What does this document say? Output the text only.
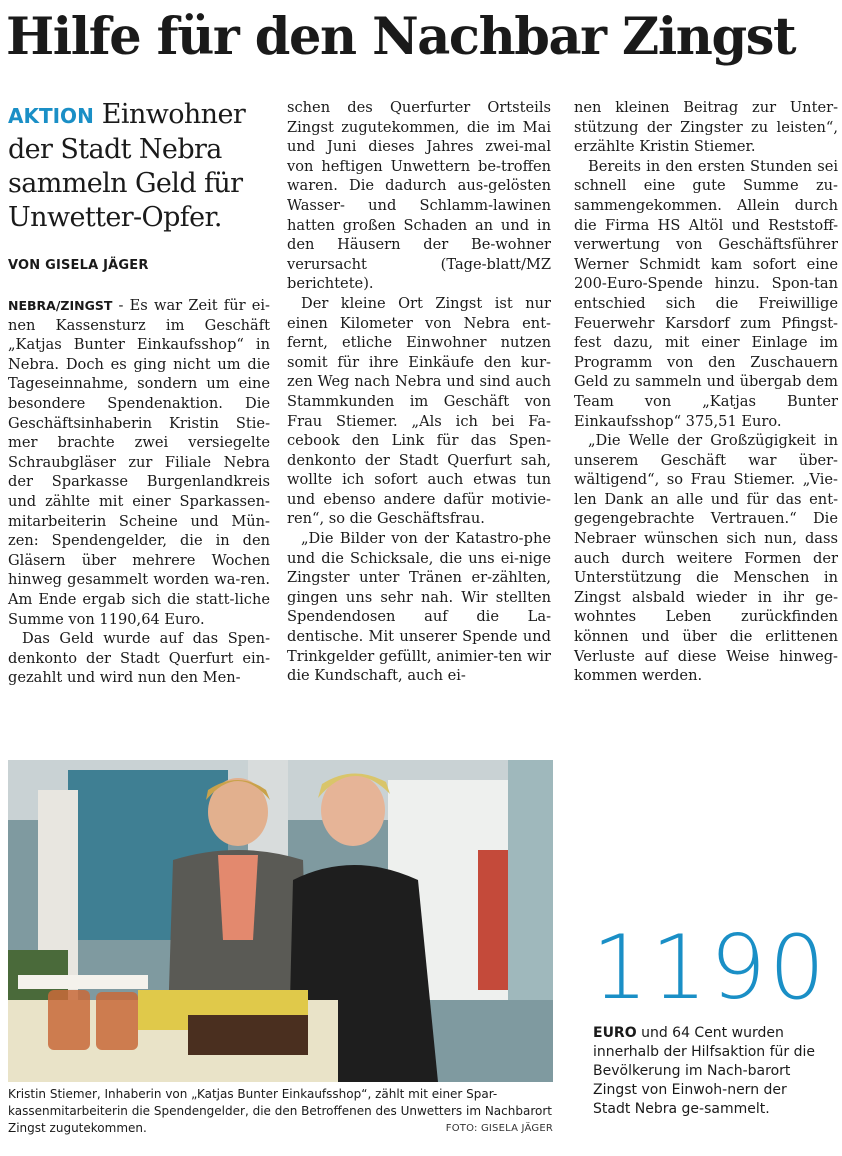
Hilfe für den Nachbar Zingst
AKTION Einwohner der Stadt Nebra sammeln Geld für Unwetter-Opfer.
VON GISELA JÄGER

NEBRA/ZINGST - Es war Zeit für ei-nen Kassensturz im Geschäft „Katjas Bunter Einkaufsshop“ in Nebra. Doch es ging nicht um die Tageseinnahme, sondern um eine besondere Spendenaktion. Die Geschäftsinhaberin Kristin Stie-mer brachte zwei versiegelte Schraubgläser zur Filiale Nebra der Sparkasse Burgenlandkreis und zählte mit einer Sparkassen-mitarbeiterin Scheine und Mün-zen: Spendengelder, die in den Gläsern über mehrere Wochen hinweg gesammelt worden wa-ren. Am Ende ergab sich die statt-liche Summe von 1190,64 Euro.

Das Geld wurde auf das Spen-denkonto der Stadt Querfurt ein-gezahlt und wird nun den Men-

schen des Querfurter Ortsteils Zingst zugutekommen, die im Mai und Juni dieses Jahres zwei-mal von heftigen Unwettern be-troffen waren. Die dadurch aus-gelösten Wasser- und Schlamm-lawinen hatten großen Schaden an und in den Häusern der Be-wohner verursacht (Tage-blatt/MZ berichtete).

Der kleine Ort Zingst ist nur einen Kilometer von Nebra ent-fernt, etliche Einwohner nutzen somit für ihre Einkäufe den kur-zen Weg nach Nebra und sind auch Stammkunden im Geschäft von Frau Stiemer. „Als ich bei Fa-cebook den Link für das Spen-denkonto der Stadt Querfurt sah, wollte ich sofort auch etwas tun und ebenso andere dafür motivie-ren“, so die Geschäftsfrau.

„Die Bilder von der Katastro-phe und die Schicksale, die uns ei-nige Zingster unter Tränen er-zählten, gingen uns sehr nah. Wir stellten Spendendosen auf die La-dentische. Mit unserer Spende und Trinkgelder gefüllt, animier-ten wir die Kundschaft, auch ei-

nen kleinen Beitrag zur Unter-stützung der Zingster zu leisten“, erzählte Kristin Stiemer.

Bereits in den ersten Stunden sei schnell eine gute Summe zu-sammengekommen. Allein durch die Firma HS Altöl und Reststoff-verwertung von Geschäftsführer Werner Schmidt kam sofort eine 200-Euro-Spende hinzu. Spon-tan entschied sich die Freiwillige Feuerwehr Karsdorf zum Pfingst-fest dazu, mit einer Einlage im Programm von den Zuschauern Geld zu sammeln und übergab dem Team von „Katjas Bunter Einkaufsshop“ 375,51 Euro.

„Die Welle der Großzügigkeit in unserem Geschäft war über-wältigend“, so Frau Stiemer. „Vie-len Dank an alle und für das ent-gegengebrachte Vertrauen.“ Die Nebraer wünschen sich nun, dass auch durch weitere Formen der Unterstützung die Menschen in Zingst alsbald wieder in ihr ge-wohntes Leben zurückfinden können und über die erlittenen Verluste auf diese Weise hinweg-kommen werden.

Kristin Stiemer, Inhaberin von „Katjas Bunter Einkaufsshop“, zählt mit einer Spar-kassenmitarbeiterin die Spendengelder, die den Betroffenen des Unwetters im Nachbarort Zingst zugutekommen.	FOTO: GISELA JÄGER
1190
EURO und 64 Cent wurden innerhalb der Hilfsaktion für die Bevölkerung im Nach-barort Zingst von Einwoh-nern der Stadt Nebra ge-sammelt.
